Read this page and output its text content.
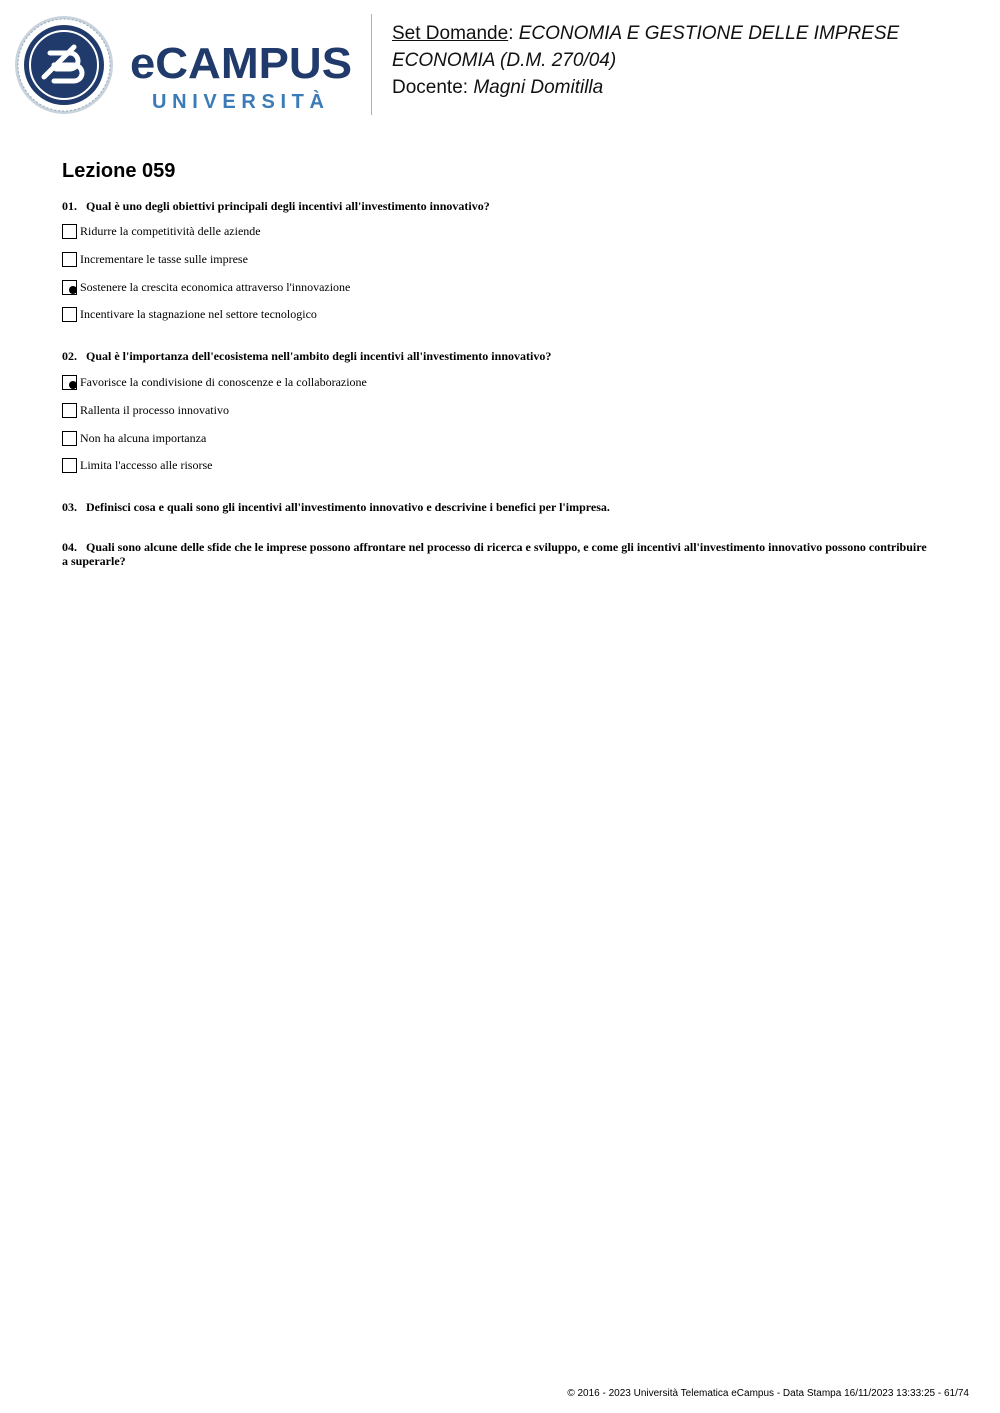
eCAMPUS
UNIVERSITÀ
Set Domande: ECONOMIA E GESTIONE DELLE IMPRESE
ECONOMIA (D.M. 270/04)
Docente: Magni Domitilla
Lezione 059
01. Qual è uno degli obiettivi principali degli incentivi all'investimento innovativo?
Ridurre la competitività delle aziende
Incrementare le tasse sulle imprese
Sostenere la crescita economica attraverso l'innovazione
Incentivare la stagnazione nel settore tecnologico
02. Qual è l'importanza dell'ecosistema nell'ambito degli incentivi all'investimento innovativo?
Favorisce la condivisione di conoscenze e la collaborazione
Rallenta il processo innovativo
Non ha alcuna importanza
Limita l'accesso alle risorse
03. Definisci cosa e quali sono gli incentivi all'investimento innovativo e descrivine i benefici per l'impresa.
04. Quali sono alcune delle sfide che le imprese possono affrontare nel processo di ricerca e sviluppo, e come gli incentivi all'investimento innovativo possono contribuire a superarle?
© 2016 - 2023 Università Telematica eCampus - Data Stampa 16/11/2023 13:33:25 - 61/74
